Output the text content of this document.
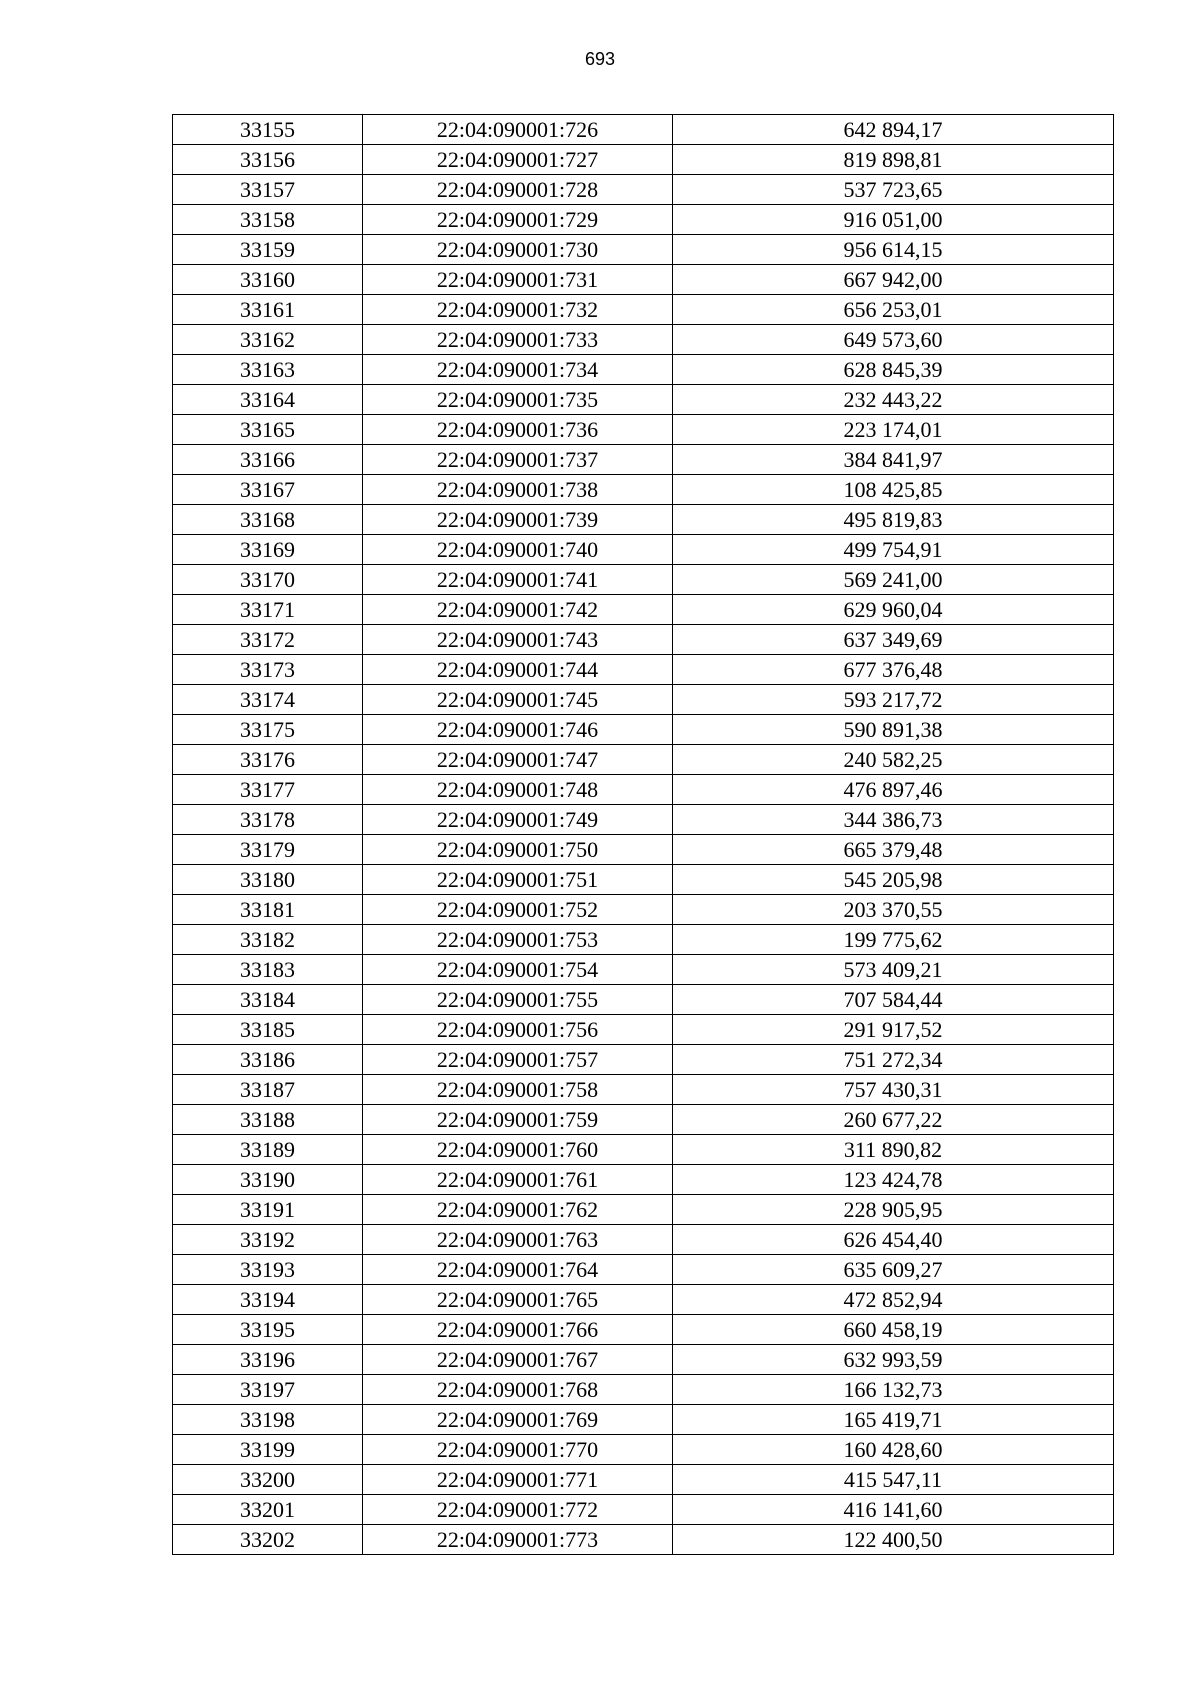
693
33155	22:04:090001:726	642 894,17
33156	22:04:090001:727	819 898,81
33157	22:04:090001:728	537 723,65
33158	22:04:090001:729	916 051,00
33159	22:04:090001:730	956 614,15
33160	22:04:090001:731	667 942,00
33161	22:04:090001:732	656 253,01
33162	22:04:090001:733	649 573,60
33163	22:04:090001:734	628 845,39
33164	22:04:090001:735	232 443,22
33165	22:04:090001:736	223 174,01
33166	22:04:090001:737	384 841,97
33167	22:04:090001:738	108 425,85
33168	22:04:090001:739	495 819,83
33169	22:04:090001:740	499 754,91
33170	22:04:090001:741	569 241,00
33171	22:04:090001:742	629 960,04
33172	22:04:090001:743	637 349,69
33173	22:04:090001:744	677 376,48
33174	22:04:090001:745	593 217,72
33175	22:04:090001:746	590 891,38
33176	22:04:090001:747	240 582,25
33177	22:04:090001:748	476 897,46
33178	22:04:090001:749	344 386,73
33179	22:04:090001:750	665 379,48
33180	22:04:090001:751	545 205,98
33181	22:04:090001:752	203 370,55
33182	22:04:090001:753	199 775,62
33183	22:04:090001:754	573 409,21
33184	22:04:090001:755	707 584,44
33185	22:04:090001:756	291 917,52
33186	22:04:090001:757	751 272,34
33187	22:04:090001:758	757 430,31
33188	22:04:090001:759	260 677,22
33189	22:04:090001:760	311 890,82
33190	22:04:090001:761	123 424,78
33191	22:04:090001:762	228 905,95
33192	22:04:090001:763	626 454,40
33193	22:04:090001:764	635 609,27
33194	22:04:090001:765	472 852,94
33195	22:04:090001:766	660 458,19
33196	22:04:090001:767	632 993,59
33197	22:04:090001:768	166 132,73
33198	22:04:090001:769	165 419,71
33199	22:04:090001:770	160 428,60
33200	22:04:090001:771	415 547,11
33201	22:04:090001:772	416 141,60
33202	22:04:090001:773	122 400,50
